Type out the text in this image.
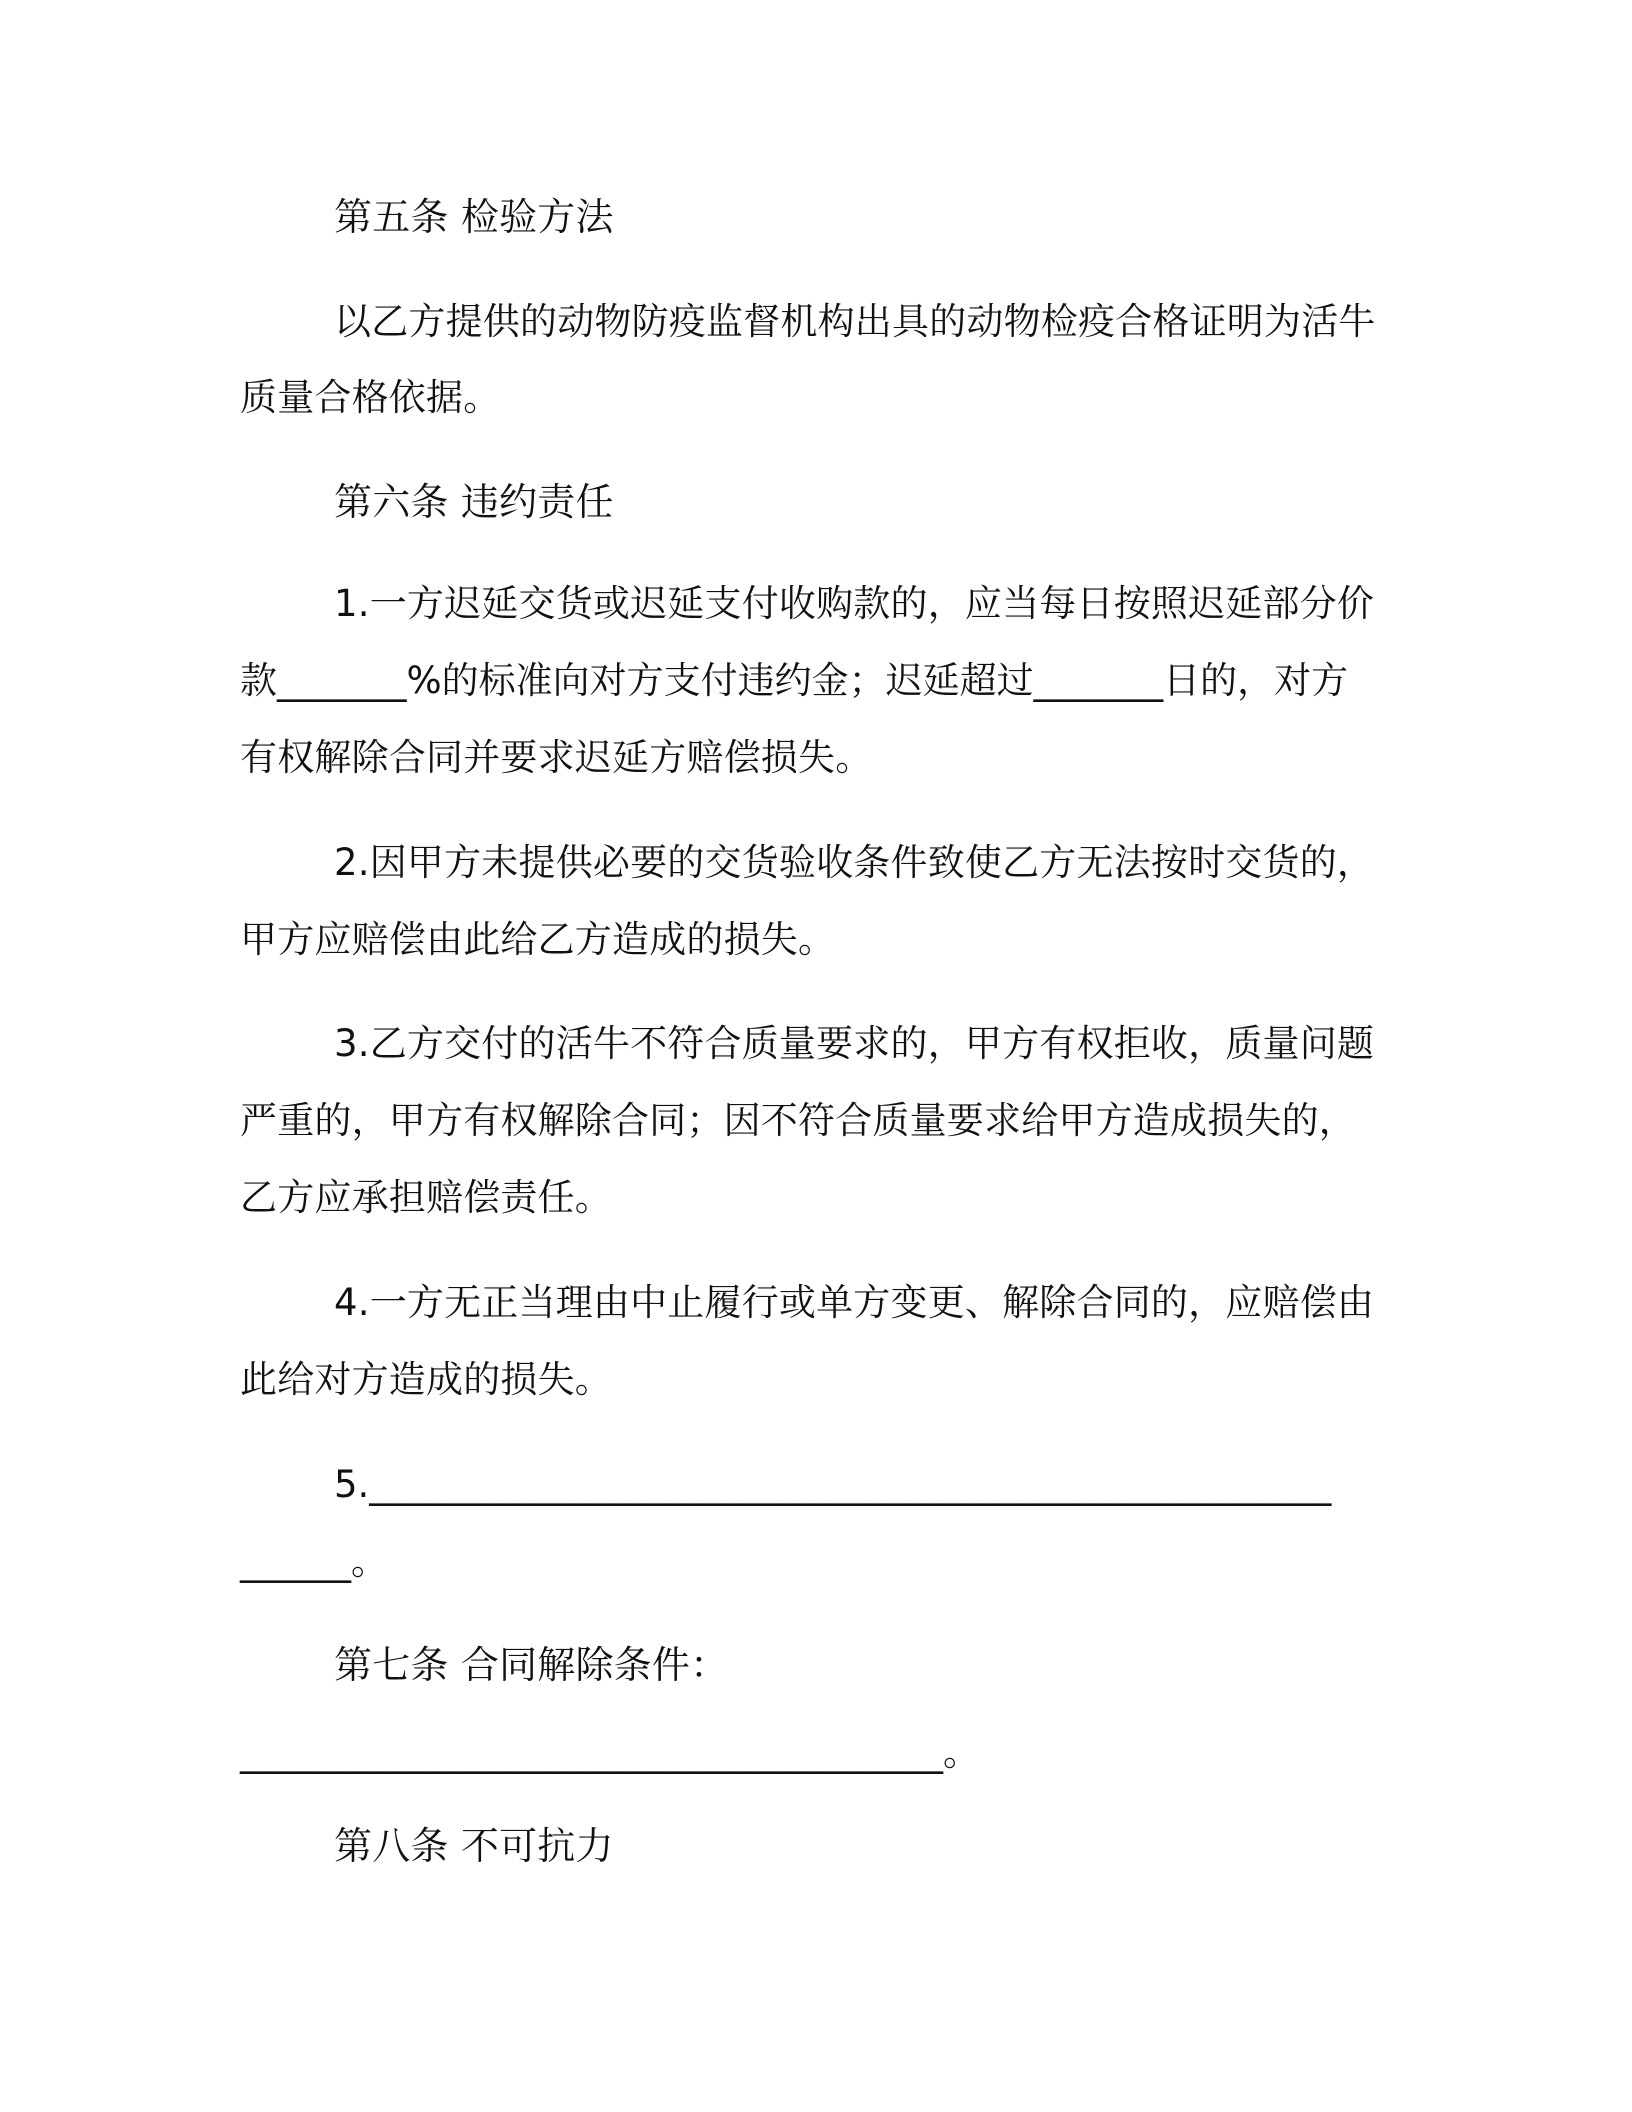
第五条 检验方法

以乙方提供的动物防疫监督机构出具的动物检疫合格证明为活牛

质量合格依据。

第六条 违约责任

1.一方迟延交货或迟延支付收购款的，应当每日按照迟延部分价

款_______%的标准向对方支付违约金；迟延超过_______日的，对方

有权解除合同并要求迟延方赔偿损失。

2.因甲方未提供必要的交货验收条件致使乙方无法按时交货的，

甲方应赔偿由此给乙方造成的损失。

3.乙方交付的活牛不符合质量要求的，甲方有权拒收，质量问题

严重的，甲方有权解除合同；因不符合质量要求给甲方造成损失的，

乙方应承担赔偿责任。

4.一方无正当理由中止履行或单方变更、解除合同的，应赔偿由

此给对方造成的损失。

5.____________________________________________________

______。

第七条 合同解除条件：

______________________________________。

第八条 不可抗力
